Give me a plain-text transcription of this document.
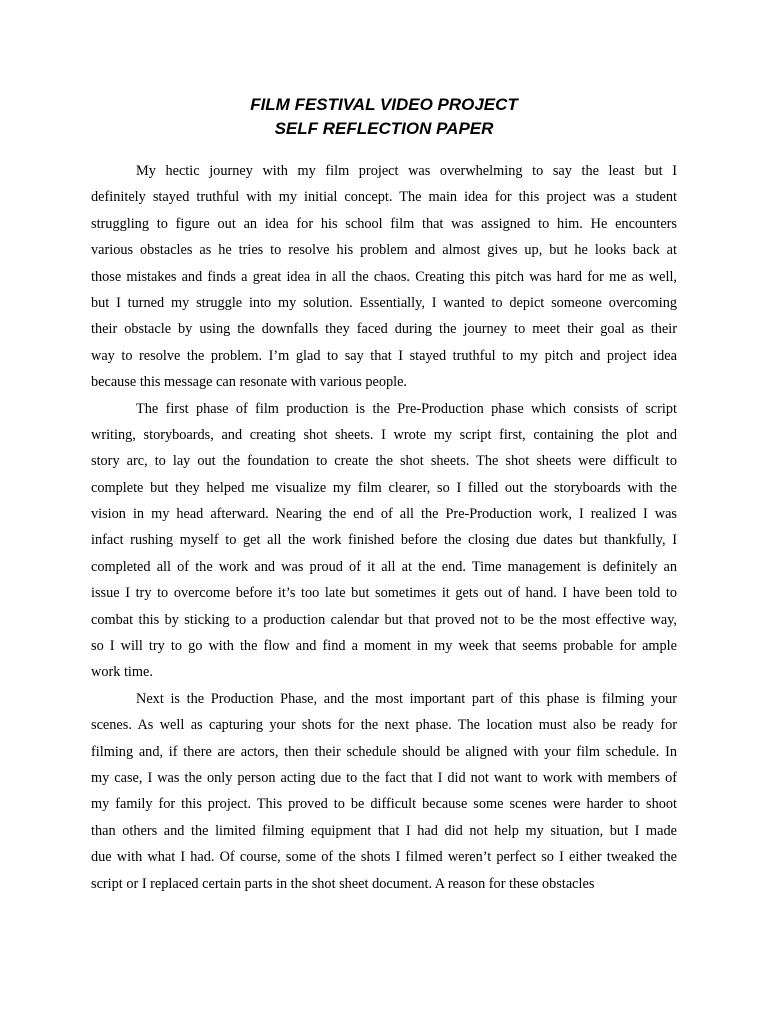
FILM FESTIVAL VIDEO PROJECT
SELF REFLECTION PAPER
My hectic journey with my film project was overwhelming to say the least but I
definitely stayed truthful with my initial concept. The main idea for this project was a student
struggling to figure out an idea for his school film that was assigned to him. He encounters
various obstacles as he tries to resolve his problem and almost gives up, but he looks back at
those mistakes and finds a great idea in all the chaos. Creating this pitch was hard for me as well,
but I turned my struggle into my solution. Essentially, I wanted to depict someone overcoming
their obstacle by using the downfalls they faced during the journey to meet their goal as their
way to resolve the problem. I’m glad to say that I stayed truthful to my pitch and project idea
because this message can resonate with various people.
The first phase of film production is the Pre-Production phase which consists of script
writing, storyboards, and creating shot sheets. I wrote my script first, containing the plot and
story arc, to lay out the foundation to create the shot sheets. The shot sheets were difficult to
complete but they helped me visualize my film clearer, so I filled out the storyboards with the
vision in my head afterward. Nearing the end of all the Pre-Production work, I realized I was
infact rushing myself to get all the work finished before the closing due dates but thankfully, I
completed all of the work and was proud of it all at the end. Time management is definitely an
issue I try to overcome before it’s too late but sometimes it gets out of hand. I have been told to
combat this by sticking to a production calendar but that proved not to be the most effective way,
so I will try to go with the flow and find a moment in my week that seems probable for ample
work time.
Next is the Production Phase, and the most important part of this phase is filming your
scenes. As well as capturing your shots for the next phase. The location must also be ready for
filming and, if there are actors, then their schedule should be aligned with your film schedule. In
my case, I was the only person acting due to the fact that I did not want to work with members of
my family for this project. This proved to be difficult because some scenes were harder to shoot
than others and the limited filming equipment that I had did not help my situation, but I made
due with what I had. Of course, some of the shots I filmed weren’t perfect so I either tweaked the
script or I replaced certain parts in the shot sheet document. A reason for these obstacles
